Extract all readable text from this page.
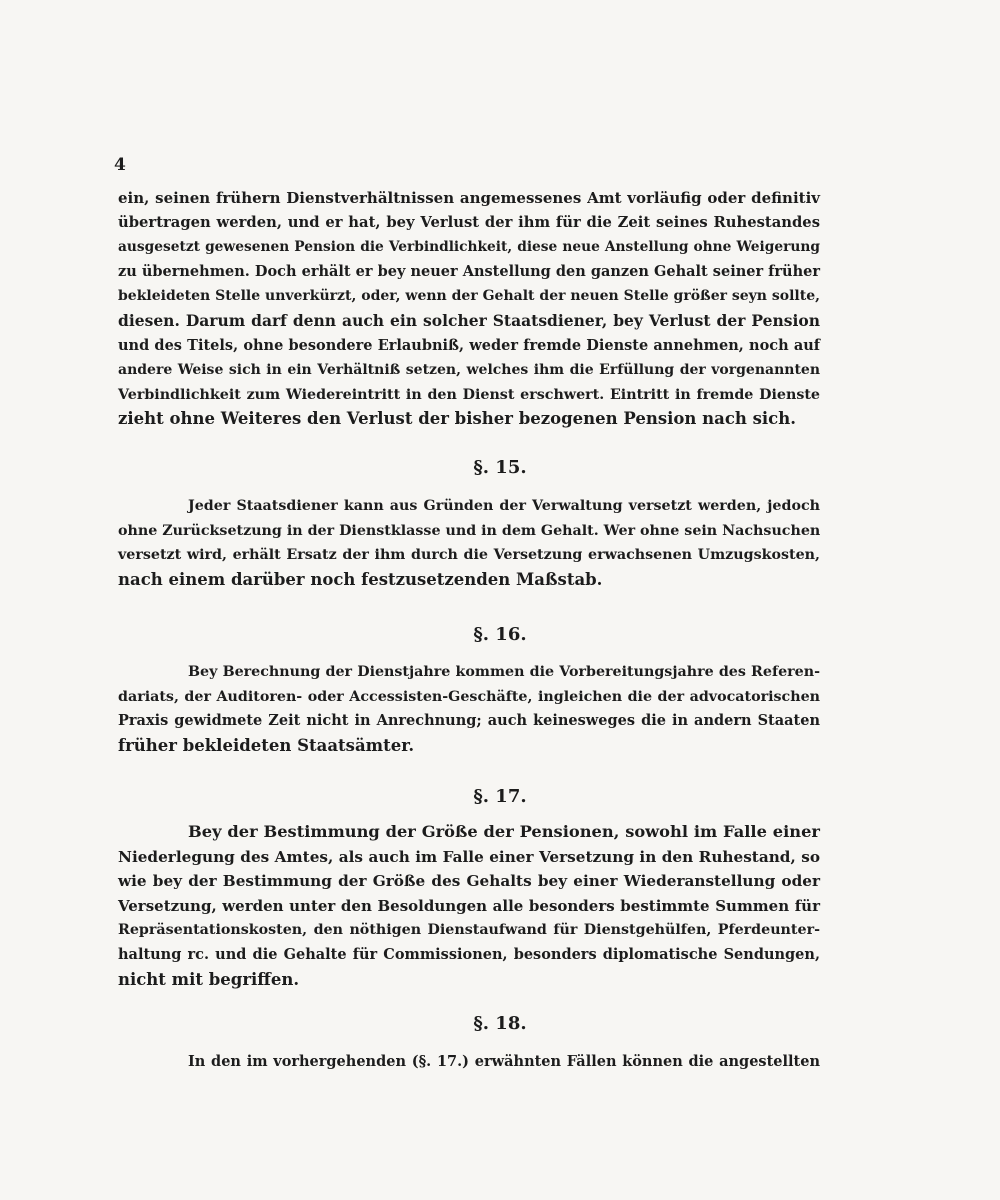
4
ein, seinen frühern Dienstverhältnissen angemessenes Amt vorläufig oder definitiv
übertragen werden, und er hat, bey Verlust der ihm für die Zeit seines Ruhestandes
ausgesetzt gewesenen Pension die Verbindlichkeit, diese neue Anstellung ohne Weigerung
zu übernehmen. Doch erhält er bey neuer Anstellung den ganzen Gehalt seiner früher
bekleideten Stelle unverkürzt, oder, wenn der Gehalt der neuen Stelle größer seyn sollte,
diesen. Darum darf denn auch ein solcher Staatsdiener, bey Verlust der Pension
und des Titels, ohne besondere Erlaubniß, weder fremde Dienste annehmen, noch auf
andere Weise sich in ein Verhältniß setzen, welches ihm die Erfüllung der vorgenannten
Verbindlichkeit zum Wiedereintritt in den Dienst erschwert. Eintritt in fremde Dienste
zieht ohne Weiteres den Verlust der bisher bezogenen Pension nach sich.
§. 15.
Jeder Staatsdiener kann aus Gründen der Verwaltung versetzt werden, jedoch
ohne Zurücksetzung in der Dienstklasse und in dem Gehalt. Wer ohne sein Nachsuchen
versetzt wird, erhält Ersatz der ihm durch die Versetzung erwachsenen Umzugskosten,
nach einem darüber noch festzusetzenden Maßstab.
§. 16.
Bey Berechnung der Dienstjahre kommen die Vorbereitungsjahre des Referen-
dariats, der Auditoren- oder Accessisten-Geschäfte, ingleichen die der advocatorischen
Praxis gewidmete Zeit nicht in Anrechnung; auch keinesweges die in andern Staaten
früher bekleideten Staatsämter.
§. 17.
Bey der Bestimmung der Größe der Pensionen, sowohl im Falle einer
Niederlegung des Amtes, als auch im Falle einer Versetzung in den Ruhestand, so
wie bey der Bestimmung der Größe des Gehalts bey einer Wiederanstellung oder
Versetzung, werden unter den Besoldungen alle besonders bestimmte Summen für
Repräsentationskosten, den nöthigen Dienstaufwand für Dienstgehülfen, Pferdeunter-
haltung rc. und die Gehalte für Commissionen, besonders diplomatische Sendungen,
nicht mit begriffen.
§. 18.
In den im vorhergehenden (§. 17.) erwähnten Fällen können die angestellten
